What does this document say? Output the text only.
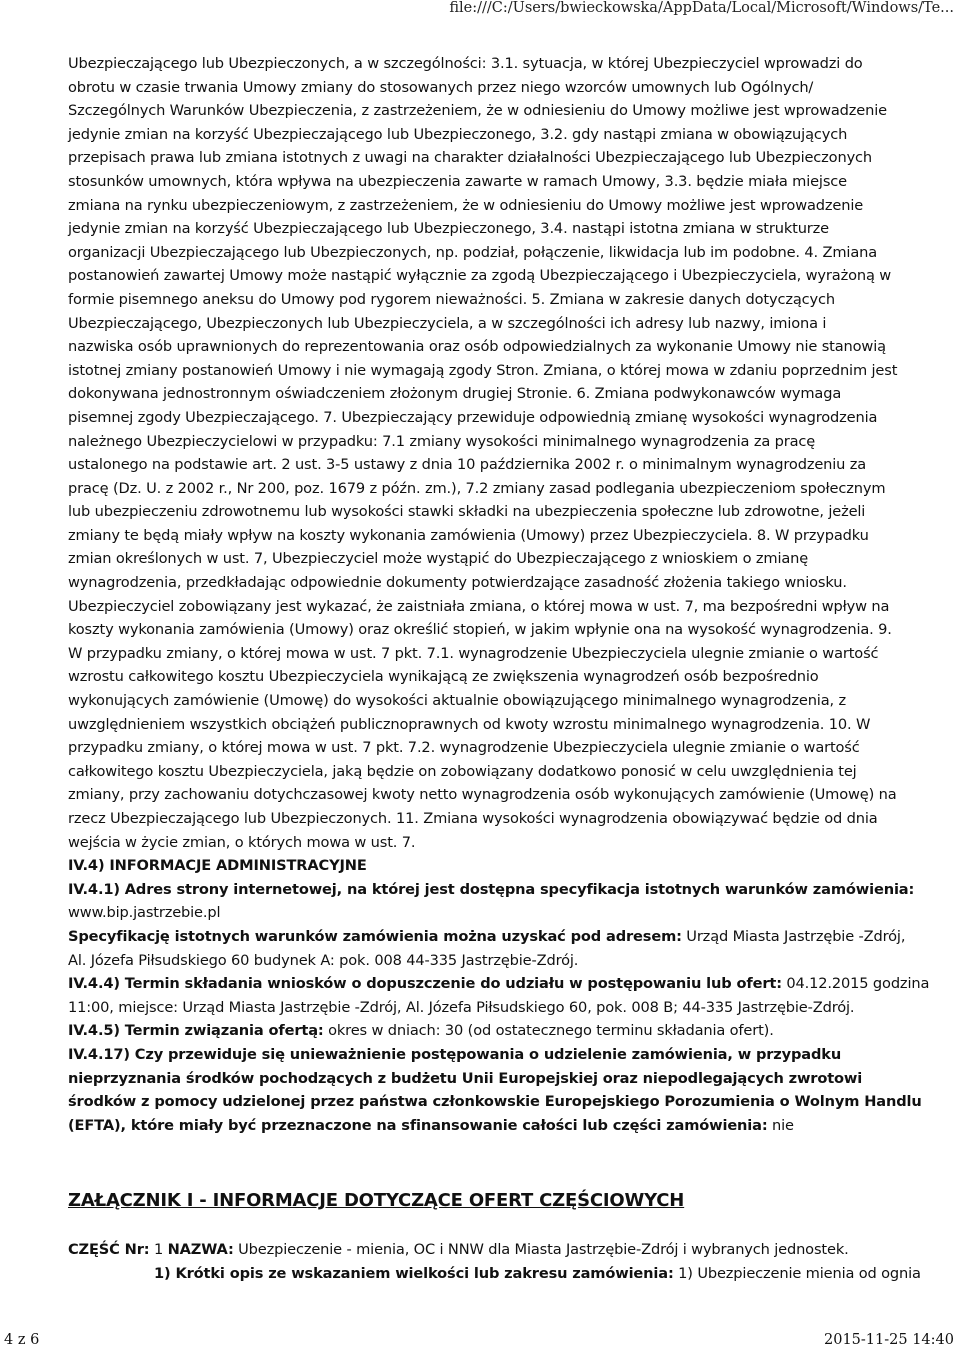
file:///C:/Users/bwieckowska/AppData/Local/Microsoft/Windows/Te...
Ubezpieczającego lub Ubezpieczonych, a w szczególności: 3.1. sytuacja, w której Ubezpieczyciel wprowadzi do
obrotu w czasie trwania Umowy zmiany do stosowanych przez niego wzorców umownych lub Ogólnych/
Szczególnych Warunków Ubezpieczenia, z zastrzeżeniem, że w odniesieniu do Umowy możliwe jest wprowadzenie
jedynie zmian na korzyść Ubezpieczającego lub Ubezpieczonego, 3.2. gdy nastąpi zmiana w obowiązujących
przepisach prawa lub zmiana istotnych z uwagi na charakter działalności Ubezpieczającego lub Ubezpieczonych
stosunków umownych, która wpływa na ubezpieczenia zawarte w ramach Umowy, 3.3. będzie miała miejsce
zmiana na rynku ubezpieczeniowym, z zastrzeżeniem, że w odniesieniu do Umowy możliwe jest wprowadzenie
jedynie zmian na korzyść Ubezpieczającego lub Ubezpieczonego, 3.4. nastąpi istotna zmiana w strukturze
organizacji Ubezpieczającego lub Ubezpieczonych, np. podział, połączenie, likwidacja lub im podobne. 4. Zmiana
postanowień zawartej Umowy może nastąpić wyłącznie za zgodą Ubezpieczającego i Ubezpieczyciela, wyrażoną w
formie pisemnego aneksu do Umowy pod rygorem nieważności. 5. Zmiana w zakresie danych dotyczących
Ubezpieczającego, Ubezpieczonych lub Ubezpieczyciela, a w szczególności ich adresy lub nazwy, imiona i
nazwiska osób uprawnionych do reprezentowania oraz osób odpowiedzialnych za wykonanie Umowy nie stanowią
istotnej zmiany postanowień Umowy i nie wymagają zgody Stron. Zmiana, o której mowa w zdaniu poprzednim jest
dokonywana jednostronnym oświadczeniem złożonym drugiej Stronie. 6. Zmiana podwykonawców wymaga
pisemnej zgody Ubezpieczającego. 7. Ubezpieczający przewiduje odpowiednią zmianę wysokości wynagrodzenia
należnego Ubezpieczycielowi w przypadku: 7.1 zmiany wysokości minimalnego wynagrodzenia za pracę
ustalonego na podstawie art. 2 ust. 3-5 ustawy z dnia 10 października 2002 r. o minimalnym wynagrodzeniu za
pracę (Dz. U. z 2002 r., Nr 200, poz. 1679 z późn. zm.), 7.2 zmiany zasad podlegania ubezpieczeniom społecznym
lub ubezpieczeniu zdrowotnemu lub wysokości stawki składki na ubezpieczenia społeczne lub zdrowotne, jeżeli
zmiany te będą miały wpływ na koszty wykonania zamówienia (Umowy) przez Ubezpieczyciela. 8. W przypadku
zmian określonych w ust. 7, Ubezpieczyciel może wystąpić do Ubezpieczającego z wnioskiem o zmianę
wynagrodzenia, przedkładając odpowiednie dokumenty potwierdzające zasadność złożenia takiego wniosku.
Ubezpieczyciel zobowiązany jest wykazać, że zaistniała zmiana, o której mowa w ust. 7, ma bezpośredni wpływ na
koszty wykonania zamówienia (Umowy) oraz określić stopień, w jakim wpłynie ona na wysokość wynagrodzenia. 9.
W przypadku zmiany, o której mowa w ust. 7 pkt. 7.1. wynagrodzenie Ubezpieczyciela ulegnie zmianie o wartość
wzrostu całkowitego kosztu Ubezpieczyciela wynikającą ze zwiększenia wynagrodzeń osób bezpośrednio
wykonujących zamówienie (Umowę) do wysokości aktualnie obowiązującego minimalnego wynagrodzenia, z
uwzględnieniem wszystkich obciążeń publicznoprawnych od kwoty wzrostu minimalnego wynagrodzenia. 10. W
przypadku zmiany, o której mowa w ust. 7 pkt. 7.2. wynagrodzenie Ubezpieczyciela ulegnie zmianie o wartość
całkowitego kosztu Ubezpieczyciela, jaką będzie on zobowiązany dodatkowo ponosić w celu uwzględnienia tej
zmiany, przy zachowaniu dotychczasowej kwoty netto wynagrodzenia osób wykonujących zamówienie (Umowę) na
rzecz Ubezpieczającego lub Ubezpieczonych. 11. Zmiana wysokości wynagrodzenia obowiązywać będzie od dnia
wejścia w życie zmian, o których mowa w ust. 7.
IV.4) INFORMACJE ADMINISTRACYJNE
IV.4.1) Adres strony internetowej, na której jest dostępna specyfikacja istotnych warunków zamówienia:
www.bip.jastrzebie.pl
Specyfikację istotnych warunków zamówienia można uzyskać pod adresem: Urząd Miasta Jastrzębie -Zdrój,
Al. Józefa Piłsudskiego 60 budynek A: pok. 008 44-335 Jastrzębie-Zdrój.
IV.4.4) Termin składania wniosków o dopuszczenie do udziału w postępowaniu lub ofert: 04.12.2015 godzina
11:00, miejsce: Urząd Miasta Jastrzębie -Zdrój, Al. Józefa Piłsudskiego 60, pok. 008 B; 44-335 Jastrzębie-Zdrój.
IV.4.5) Termin związania ofertą: okres w dniach: 30 (od ostatecznego terminu składania ofert).
IV.4.17) Czy przewiduje się unieważnienie postępowania o udzielenie zamówienia, w przypadku
nieprzyznania środków pochodzących z budżetu Unii Europejskiej oraz niepodlegających zwrotowi
środków z pomocy udzielonej przez państwa członkowskie Europejskiego Porozumienia o Wolnym Handlu
(EFTA), które miały być przeznaczone na sfinansowanie całości lub części zamówienia: nie
ZAŁĄCZNIK I - INFORMACJE DOTYCZĄCE OFERT CZĘŚCIOWYCH
CZĘŚĆ Nr: 1 NAZWA: Ubezpieczenie - mienia, OC i NNW dla Miasta Jastrzębie-Zdrój i wybranych jednostek.
1) Krótki opis ze wskazaniem wielkości lub zakresu zamówienia: 1) Ubezpieczenie mienia od ognia
4 z 6	2015-11-25 14:40
